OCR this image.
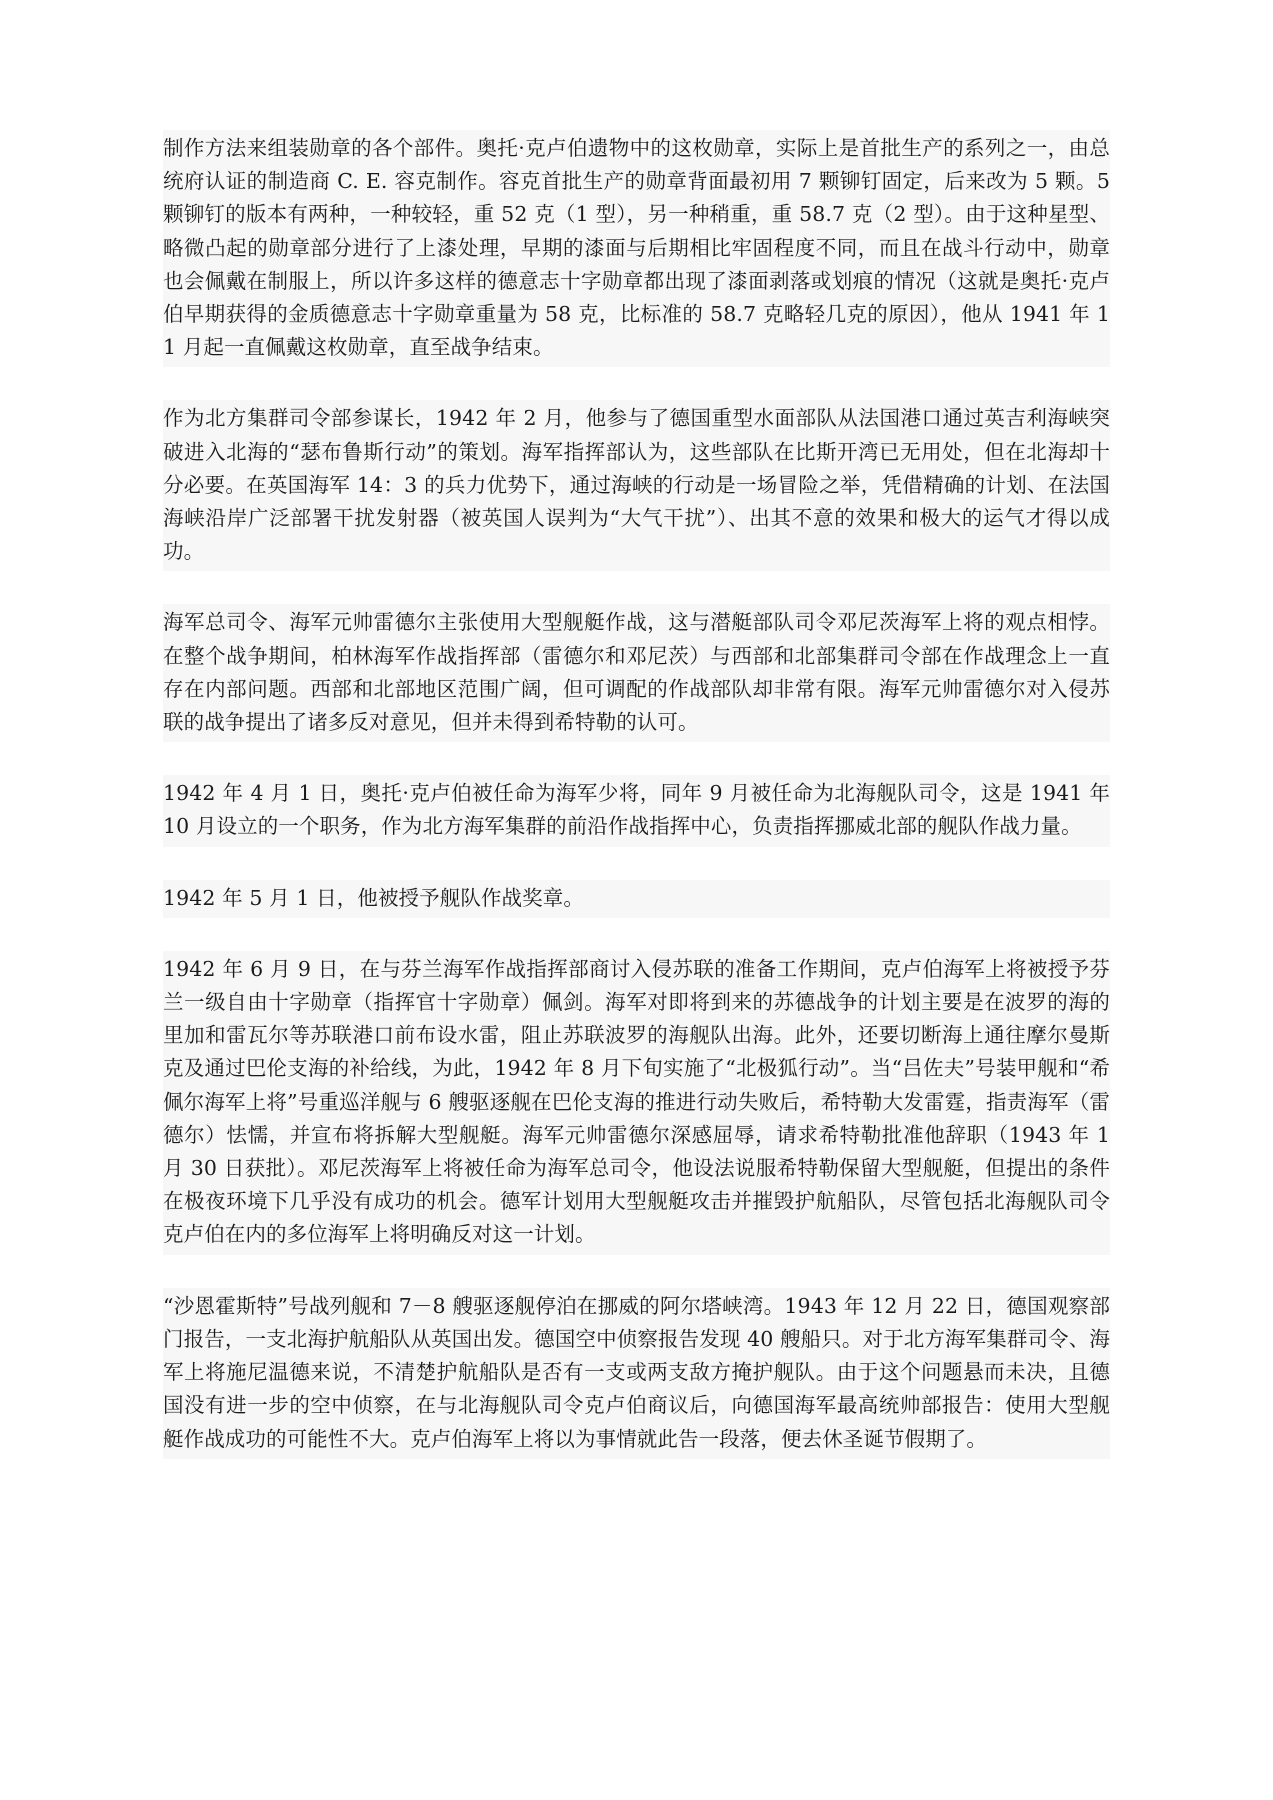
制作方法来组装勋章的各个部件。奥托·克卢伯遗物中的这枚勋章，实际上是首批生产的系列之一，由总统府认证的制造商 C. E. 容克制作。容克首批生产的勋章背面最初用 7 颗铆钉固定，后来改为 5 颗。5 颗铆钉的版本有两种，一种较轻，重 52 克（1 型），另一种稍重，重 58.7 克（2 型）。由于这种星型、略微凸起的勋章部分进行了上漆处理，早期的漆面与后期相比牢固程度不同，而且在战斗行动中，勋章也会佩戴在制服上，所以许多这样的德意志十字勋章都出现了漆面剥落或划痕的情况（这就是奥托·克卢伯早期获得的金质德意志十字勋章重量为 58 克，比标准的 58.7 克略轻几克的原因），他从 1941 年 11 月起一直佩戴这枚勋章，直至战争结束。

作为北方集群司令部参谋长，1942 年 2 月，他参与了德国重型水面部队从法国港口通过英吉利海峡突破进入北海的“瑟布鲁斯行动”的策划。海军指挥部认为，这些部队在比斯开湾已无用处，但在北海却十分必要。在英国海军 14：3 的兵力优势下，通过海峡的行动是一场冒险之举，凭借精确的计划、在法国海峡沿岸广泛部署干扰发射器（被英国人误判为“大气干扰”）、出其不意的效果和极大的运气才得以成功。

海军总司令、海军元帅雷德尔主张使用大型舰艇作战，这与潜艇部队司令邓尼茨海军上将的观点相悖。在整个战争期间，柏林海军作战指挥部（雷德尔和邓尼茨）与西部和北部集群司令部在作战理念上一直存在内部问题。西部和北部地区范围广阔，但可调配的作战部队却非常有限。海军元帅雷德尔对入侵苏联的战争提出了诸多反对意见，但并未得到希特勒的认可。

1942 年 4 月 1 日，奥托·克卢伯被任命为海军少将，同年 9 月被任命为北海舰队司令，这是 1941 年 10 月设立的一个职务，作为北方海军集群的前沿作战指挥中心，负责指挥挪威北部的舰队作战力量。

1942 年 5 月 1 日，他被授予舰队作战奖章。

1942 年 6 月 9 日，在与芬兰海军作战指挥部商讨入侵苏联的准备工作期间，克卢伯海军上将被授予芬兰一级自由十字勋章（指挥官十字勋章）佩剑。海军对即将到来的苏德战争的计划主要是在波罗的海的里加和雷瓦尔等苏联港口前布设水雷，阻止苏联波罗的海舰队出海。此外，还要切断海上通往摩尔曼斯克及通过巴伦支海的补给线，为此，1942 年 8 月下旬实施了“北极狐行动”。当“吕佐夫”号装甲舰和“希佩尔海军上将”号重巡洋舰与 6 艘驱逐舰在巴伦支海的推进行动失败后，希特勒大发雷霆，指责海军（雷德尔）怯懦，并宣布将拆解大型舰艇。海军元帅雷德尔深感屈辱，请求希特勒批准他辞职（1943 年 1 月 30 日获批）。邓尼茨海军上将被任命为海军总司令，他设法说服希特勒保留大型舰艇，但提出的条件在极夜环境下几乎没有成功的机会。德军计划用大型舰艇攻击并摧毁护航船队，尽管包括北海舰队司令克卢伯在内的多位海军上将明确反对这一计划。

“沙恩霍斯特”号战列舰和 7－8 艘驱逐舰停泊在挪威的阿尔塔峡湾。1943 年 12 月 22 日，德国观察部门报告，一支北海护航船队从英国出发。德国空中侦察报告发现 40 艘船只。对于北方海军集群司令、海军上将施尼温德来说，不清楚护航船队是否有一支或两支敌方掩护舰队。由于这个问题悬而未决，且德国没有进一步的空中侦察，在与北海舰队司令克卢伯商议后，向德国海军最高统帅部报告：使用大型舰艇作战成功的可能性不大。克卢伯海军上将以为事情就此告一段落，便去休圣诞节假期了。
